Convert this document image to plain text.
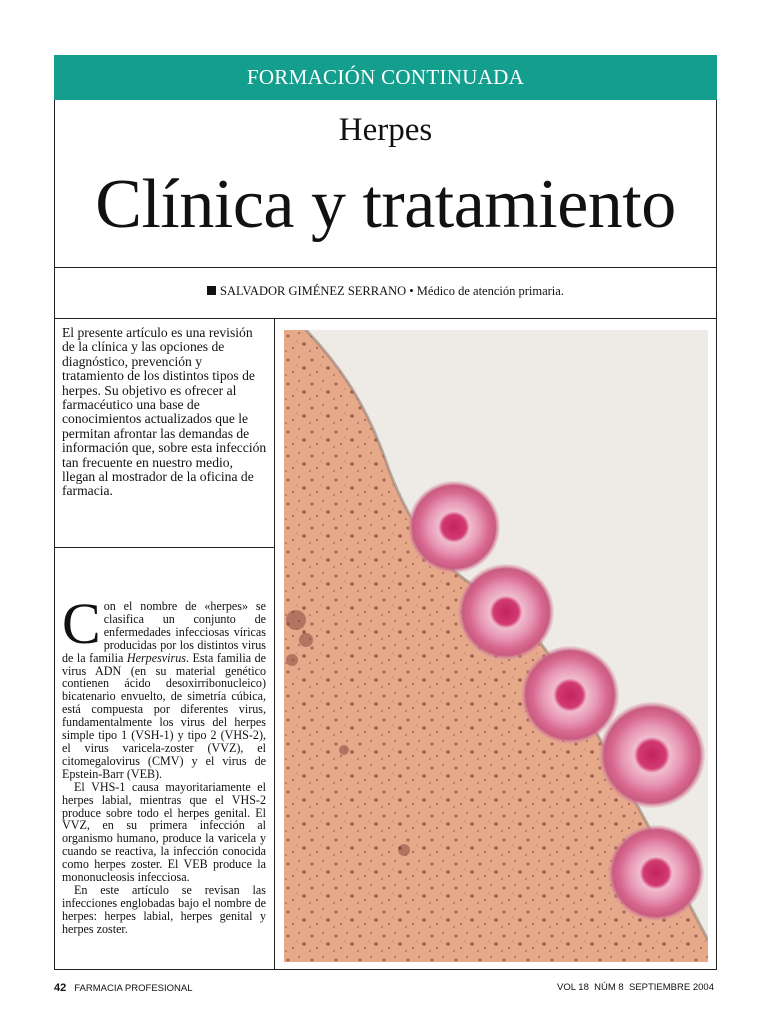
FORMACIÓN CONTINUADA
Herpes
Clínica y tratamiento
SALVADOR GIMÉNEZ SERRANO • Médico de atención primaria.
El presente artículo es una revisión de la clínica y las opciones de diagnóstico, prevención y tratamiento de los distintos tipos de herpes. Su objetivo es ofrecer al farmacéutico una base de conocimientos actualizados que le permitan afrontar las demandas de información que, sobre esta infección tan frecuente en nuestro medio, llegan al mostrador de la oficina de farmacia.

Con el nombre de «herpes» se clasifica un conjunto de enfermedades infecciosas víricas producidas por los distintos virus de la familia Herpesvirus. Esta familia de virus ADN (en su material genético contienen ácido desoxirribonucleico) bicatenario envuelto, de simetría cúbica, está compuesta por diferentes virus, fundamentalmente los virus del herpes simple tipo 1 (VSH-1) y tipo 2 (VHS-2), el virus varicela-zoster (VVZ), el citomegalovirus (CMV) y el virus de Epstein-Barr (VEB).

El VHS-1 causa mayoritariamente el herpes labial, mientras que el VHS-2 produce sobre todo el herpes genital. El VVZ, en su primera infección al organismo humano, produce la varicela y cuando se reactiva, la infección conocida como herpes zoster. El VEB produce la mononucleosis infecciosa.

En este artículo se revisan las infecciones englobadas bajo el nombre de herpes: herpes labial, herpes genital y herpes zoster.

42 FARMACIA PROFESIONAL	VOL 18  NÚM 8  SEPTIEMBRE 2004
